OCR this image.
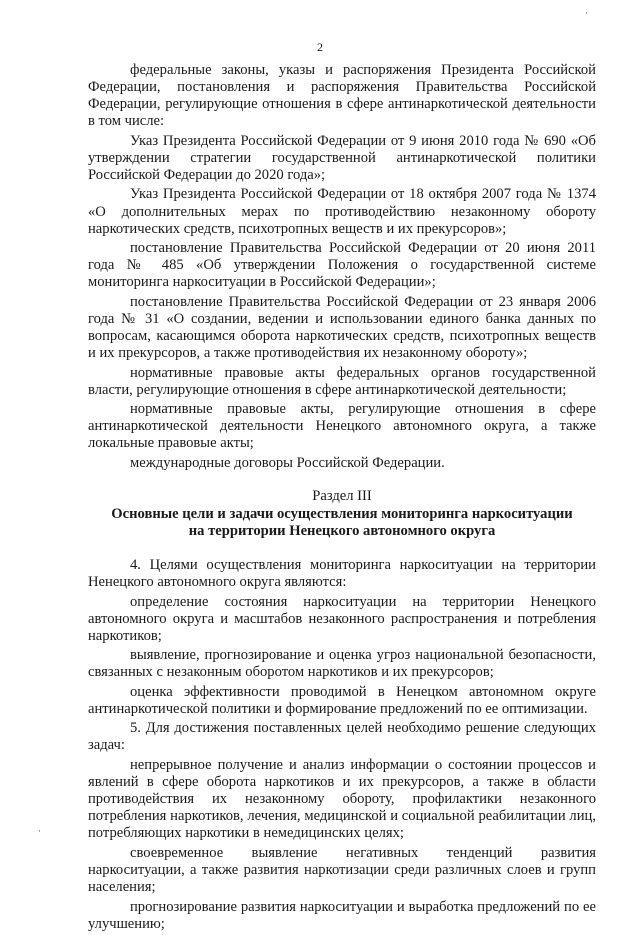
2

федеральные законы, указы и распоряжения Президента Российской Федерации, постановления и распоряжения Правительства Российской Федерации, регулирующие отношения в сфере антинаркотической деятельности в том числе:

Указ Президента Российской Федерации от 9 июня 2010 года № 690 «Об утверждении стратегии государственной антинаркотической политики Российской Федерации до 2020 года»;

Указ Президента Российской Федерации от 18 октября 2007 года № 1374 «О дополнительных мерах по противодействию незаконному обороту наркотических средств, психотропных веществ и их прекурсоров»;

постановление Правительства Российской Федерации от 20 июня 2011 года № 485 «Об утверждении Положения о государственной системе мониторинга наркоситуации в Российской Федерации»;

постановление Правительства Российской Федерации от 23 января 2006 года № 31 «О создании, ведении и использовании единого банка данных по вопросам, касающимся оборота наркотических средств, психотропных веществ и их прекурсоров, а также противодействия их незаконному обороту»;

нормативные правовые акты федеральных органов государственной власти, регулирующие отношения в сфере антинаркотической деятельности;

нормативные правовые акты, регулирующие отношения в сфере антинаркотической деятельности Ненецкого автономного округа, а также локальные правовые акты;

международные договоры Российской Федерации.

Раздел III
Основные цели и задачи осуществления мониторинга наркоситуации
на территории Ненецкого автономного округа

4. Целями осуществления мониторинга наркоситуации на территории Ненецкого автономного округа являются:

определение состояния наркоситуации на территории Ненецкого автономного округа и масштабов незаконного распространения и потребления наркотиков;

выявление, прогнозирование и оценка угроз национальной безопасности, связанных с незаконным оборотом наркотиков и их прекурсоров;

оценка эффективности проводимой в Ненецком автономном округе антинаркотической политики и формирование предложений по ее оптимизации.

5. Для достижения поставленных целей необходимо решение следующих задач:

непрерывное получение и анализ информации о состоянии процессов и явлений в сфере оборота наркотиков и их прекурсоров, а также в области противодействия их незаконному обороту, профилактики незаконного потребления наркотиков, лечения, медицинской и социальной реабилитации лиц, потребляющих наркотики в немедицинских целях;

своевременное выявление негативных тенденций развития наркоситуации, а также развития наркотизации среди различных слоев и групп населения;

прогнозирование развития наркоситуации и выработка предложений по ее улучшению;

·
·
